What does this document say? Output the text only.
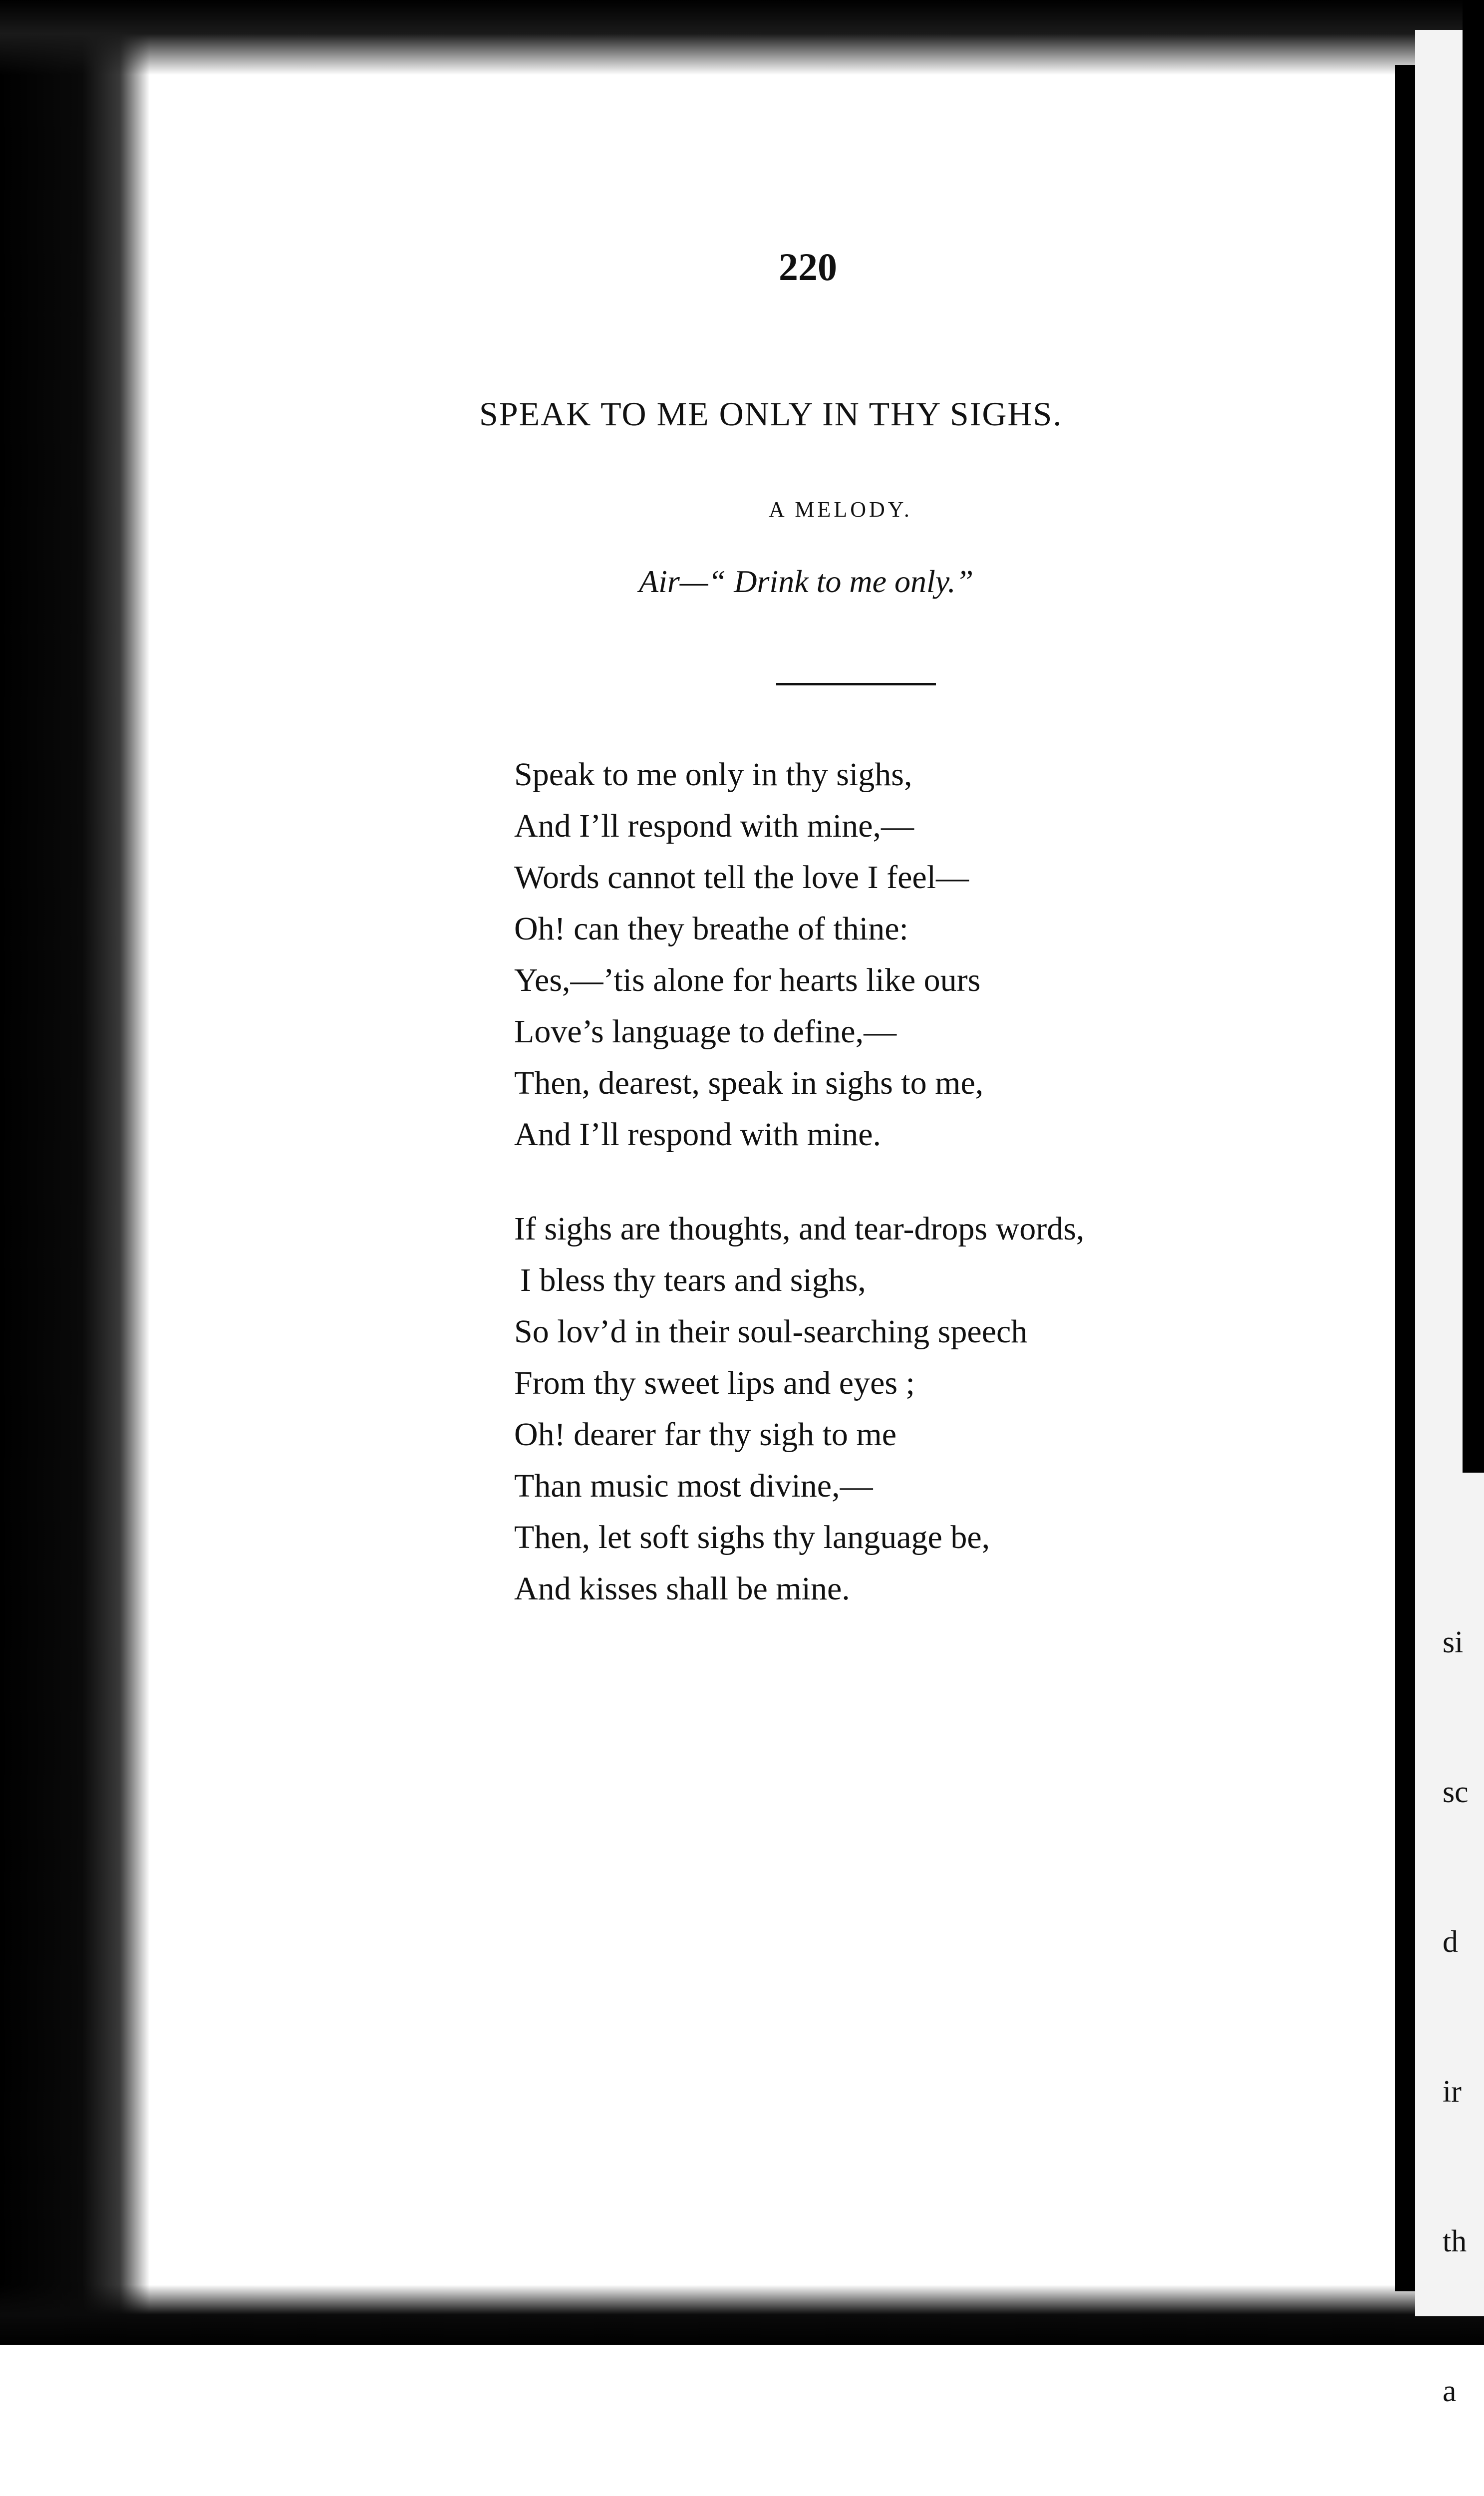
si

sc

d

ir

th

a

220
SPEAK TO ME ONLY IN THY SIGHS.
A MELODY.
Air—“ Drink to me only.”
Speak to me only in thy sighs,
And I’ll respond with mine,—
Words cannot tell the love I feel—
Oh! can they breathe of thine:
Yes,—’tis alone for hearts like ours
Love’s language to define,—
Then, dearest, speak in sighs to me,
And I’ll respond with mine.
If sighs are thoughts, and tear-drops words,
I bless thy tears and sighs,
So lov’d in their soul-searching speech
From thy sweet lips and eyes ;
Oh! dearer far thy sigh to me
Than music most divine,—
Then, let soft sighs thy language be,
And kisses shall be mine.
